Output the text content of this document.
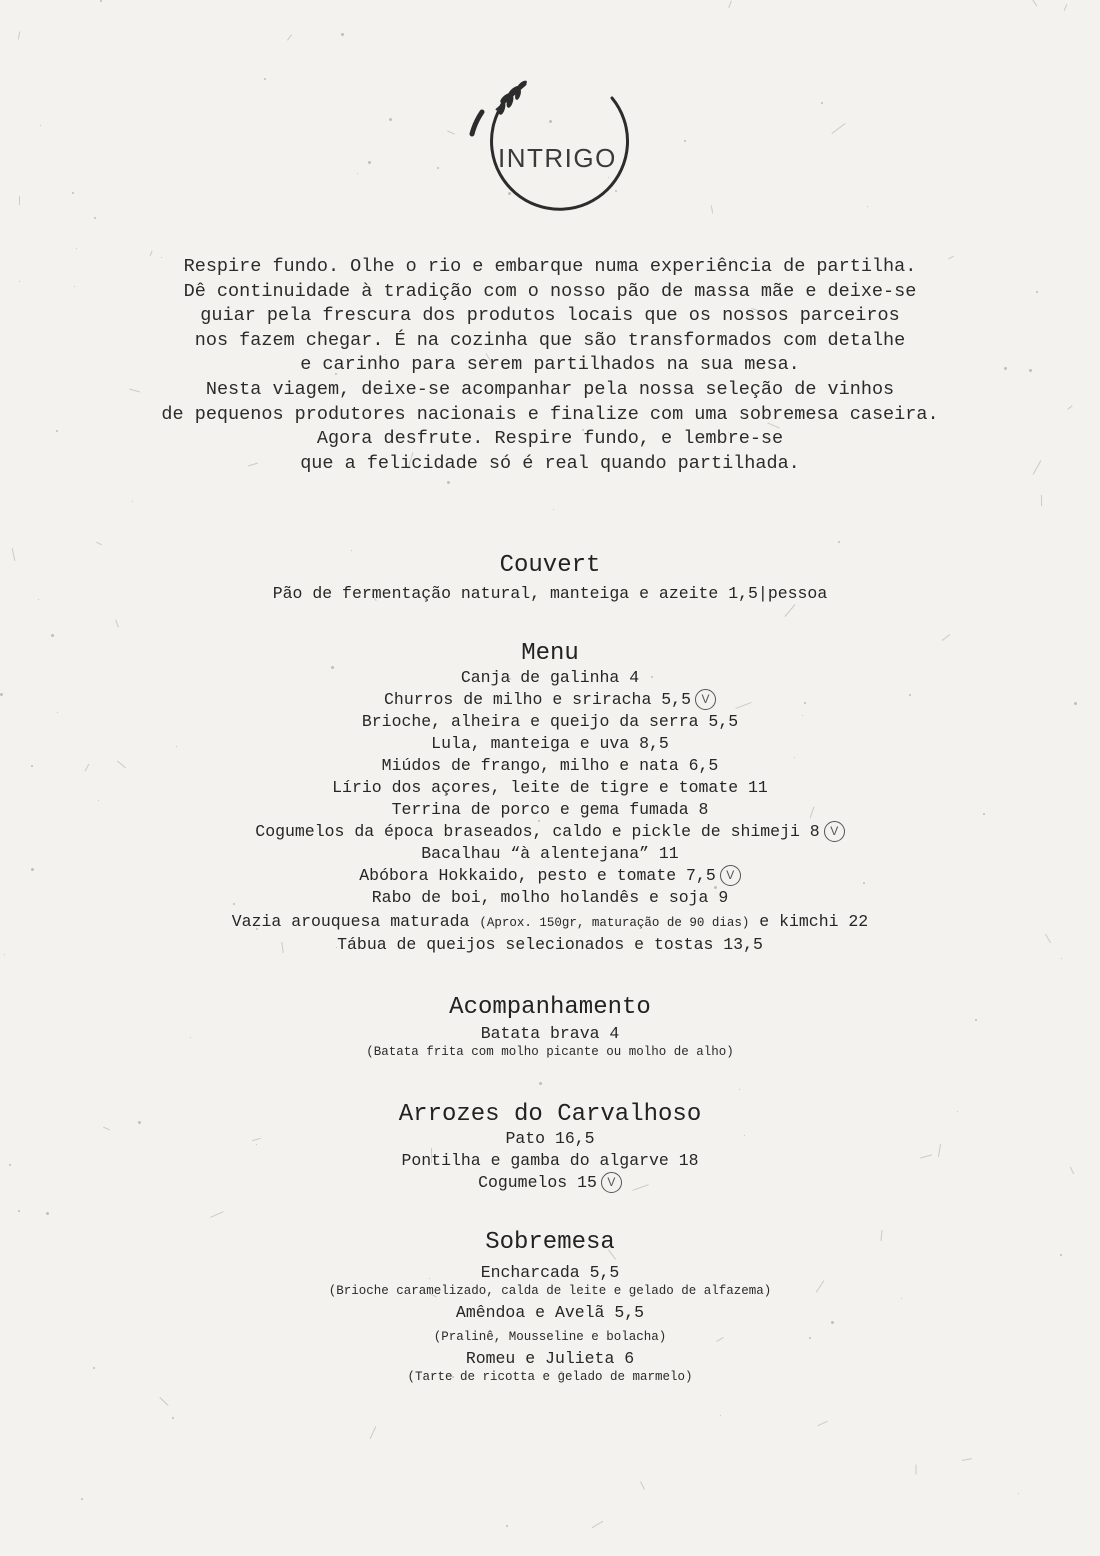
INTRIGO
Respire fundo. Olhe o rio e embarque numa experiência de partilha.
Dê continuidade à tradição com o nosso pão de massa mãe e deixe-se
guiar pela frescura dos produtos locais que os nossos parceiros
nos fazem chegar. É na cozinha que são transformados com detalhe
e carinho para serem partilhados na sua mesa.
Nesta viagem, deixe-se acompanhar pela nossa seleção de vinhos
de pequenos produtores nacionais e finalize com uma sobremesa caseira.
Agora desfrute. Respire fundo, e lembre-se
que a felicidade só é real quando partilhada.
Couvert
Pão de fermentação natural, manteiga e azeite 1,5|pessoa
Menu
Canja de galinha 4
Churros de milho e sriracha 5,5 V
Brioche, alheira e queijo da serra 5,5
Lula, manteiga e uva 8,5
Miúdos de frango, milho e nata 6,5
Lírio dos açores, leite de tigre e tomate 11
Terrina de porco e gema fumada 8
Cogumelos da época braseados, caldo e pickle de shimeji 8 V
Bacalhau “à alentejana” 11
Abóbora Hokkaido, pesto e tomate 7,5 V
Rabo de boi, molho holandês e soja 9
Vazia arouquesa maturada (Aprox. 150gr, maturação de 90 dias) e kimchi 22
Tábua de queijos selecionados e tostas 13,5
Acompanhamento
Batata brava 4
(Batata frita com molho picante ou molho de alho)
Arrozes do Carvalhoso
Pato 16,5
Pontilha e gamba do algarve 18
Cogumelos 15 V
Sobremesa
Encharcada 5,5
(Brioche caramelizado, calda de leite e gelado de alfazema)
Amêndoa e Avelã 5,5
(Pralinê, Mousseline e bolacha)
Romeu e Julieta 6
(Tarte de ricotta e gelado de marmelo)
